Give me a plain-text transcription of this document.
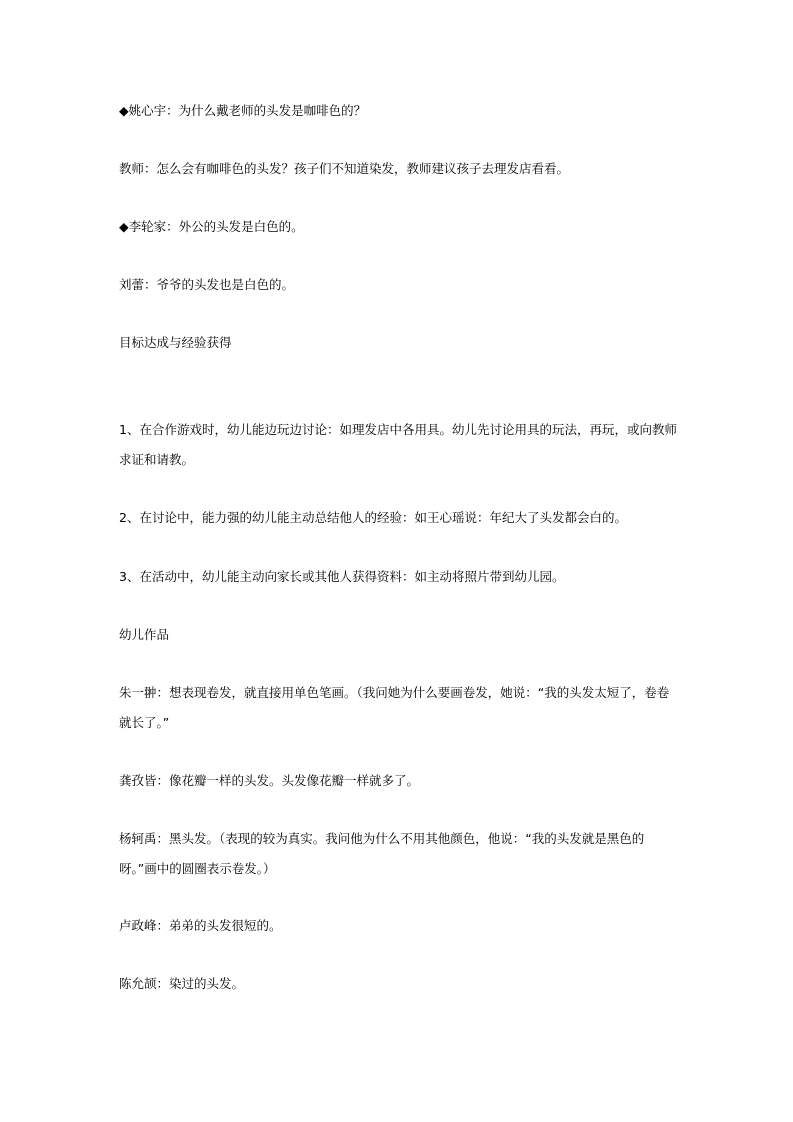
◆姚心宇：为什么戴老师的头发是咖啡色的？

教师：怎么会有咖啡色的头发？孩子们不知道染发，教师建议孩子去理发店看看。

◆李轮家：外公的头发是白色的。

刘蕾：爷爷的头发也是白色的。

目标达成与经验获得

1、在合作游戏时，幼儿能边玩边讨论：如理发店中各用具。幼儿先讨论用具的玩法，再玩，或向教师求证和请教。

2、在讨论中，能力强的幼儿能主动总结他人的经验：如王心瑶说：年纪大了头发都会白的。

3、在活动中，幼儿能主动向家长或其他人获得资料：如主动将照片带到幼儿园。

幼儿作品

朱一翀：想表现卷发，就直接用单色笔画。（我问她为什么要画卷发，她说：“我的头发太短了，卷卷就长了。”

龚孜皆：像花瓣一样的头发。头发像花瓣一样就多了。

杨轲禹：黑头发。（表现的较为真实。我问他为什么不用其他颜色，他说：“我的头发就是黑色的呀。”画中的圆圈表示卷发。）

卢政峰：弟弟的头发很短的。

陈允颉：染过的头发。
